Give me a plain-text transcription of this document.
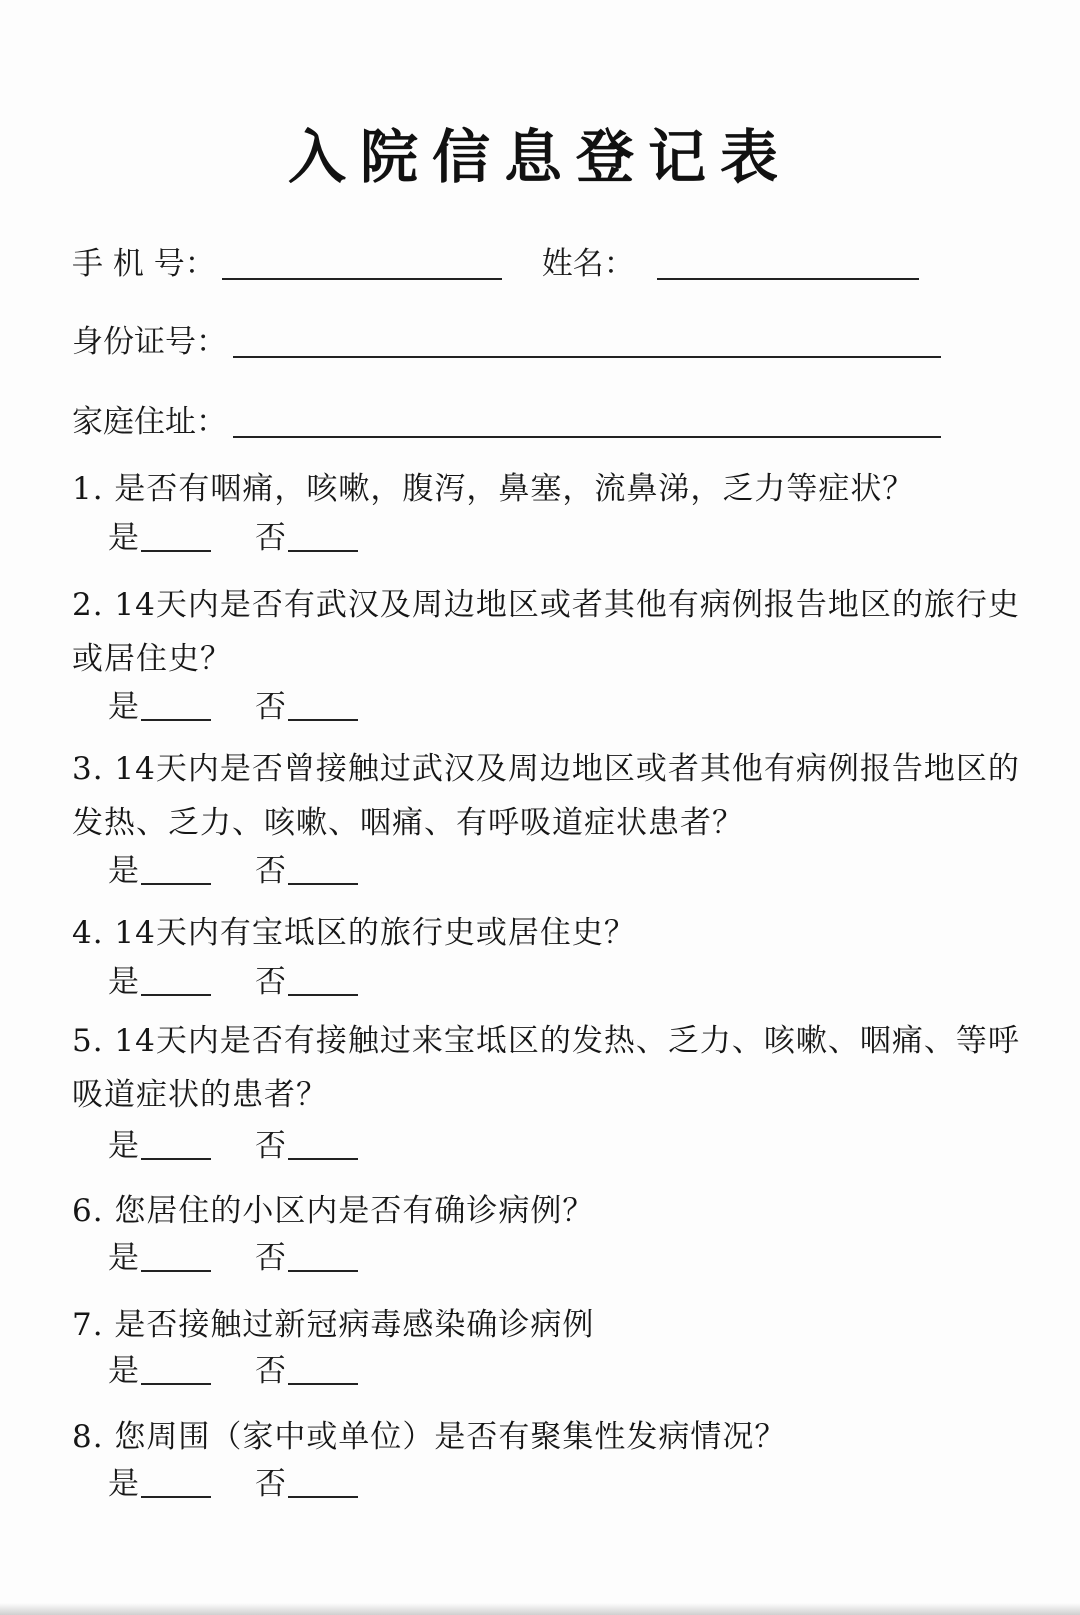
入院信息登记表
手 机 号：	姓名：
身份证号：
家庭住址：

1. 是否有咽痛，咳嗽，腹泻，鼻塞，流鼻涕，乏力等症状？

是	否

2. 14天内是否有武汉及周边地区或者其他有病例报告地区的旅行史或居住史？

是	否

3. 14天内是否曾接触过武汉及周边地区或者其他有病例报告地区的发热、乏力、咳嗽、咽痛、有呼吸道症状患者？

是	否

4. 14天内有宝坻区的旅行史或居住史？

是	否

5. 14天内是否有接触过来宝坻区的发热、乏力、咳嗽、咽痛、等呼吸道症状的患者？

是	否

6. 您居住的小区内是否有确诊病例？

是	否

7. 是否接触过新冠病毒感染确诊病例

是	否

8. 您周围（家中或单位）是否有聚集性发病情况？

是	否
